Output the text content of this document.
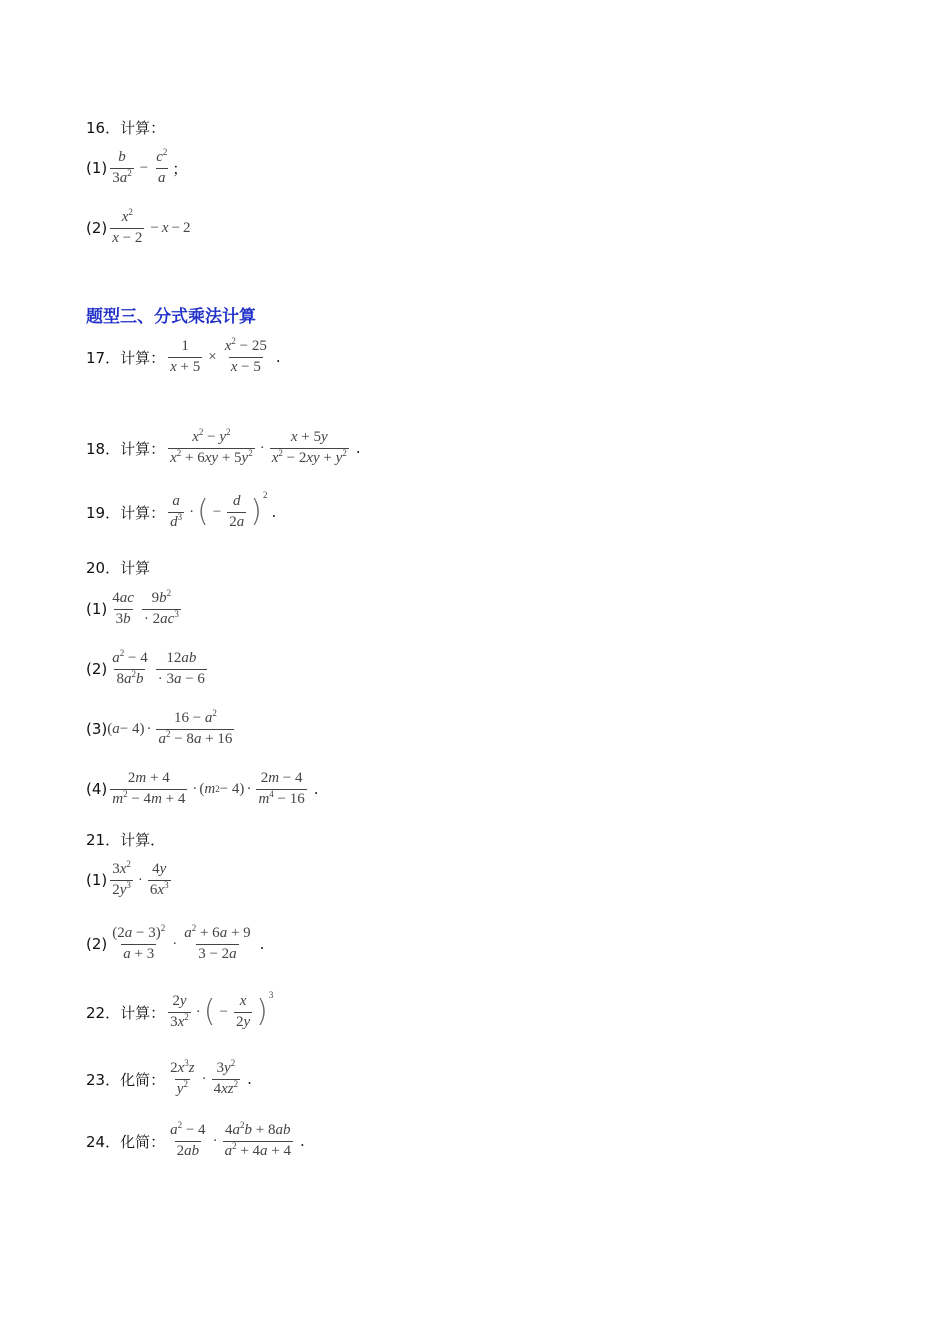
16．计算：
$(1) \frac{b}{3a^2} - \frac{c^2}{a}$ ；
$(2) \frac{x^2}{x - 2} - x - 2$
题型三、分式乘法计算
17．计算： $\frac{1}{x + 5} \times \frac{x^2 - 25}{x - 5}$ .
18．计算： $\frac{x^2 - y^2}{x^2 + 6xy + 5y^2} \cdot \frac{x + 5y}{x^2 - 2xy + y^2}$ .
19．计算： $\frac{a}{d^3}$ · ( − $\frac{d}{2a}$ ) 2
.
20．计算
$(1) \frac{4ac}{3b} \frac{9b^2}{\cdot 2ac^3}$
$(2) \frac{a^2 - 4}{8a^2b} \frac{12ab}{\cdot 3a - 6}$
(3) ( $a - 4) \cdot \frac{16 - a^2}{a^2 - 8a + 16}$
$(4) \frac{2m + 4}{m^2 - 4m + 4}$ · ( m $2 - 4) \cdot \frac{2m - 4}{m^4 - 16}$ .
21．计算．
$(1) \frac{3x^2}{2y^3} \cdot \frac{4y}{6x^3}$
$(2) \frac{(2a - 3)^2}{a + 3} \cdot \frac{a^2 + 6a + 9}{3 - 2a}$ .
22．计算： $\frac{2y}{3x^2}$ · ( − $\frac{x}{2y}$ ) 3
23．化简： $\frac{2x^3z}{y^2} \cdot \frac{3y^2}{4xz^2}$ .
24．化简： $\frac{a^2 - 4}{2ab} \cdot \frac{4a^2b + 8ab}{a^2 + 4a + 4}$ .
